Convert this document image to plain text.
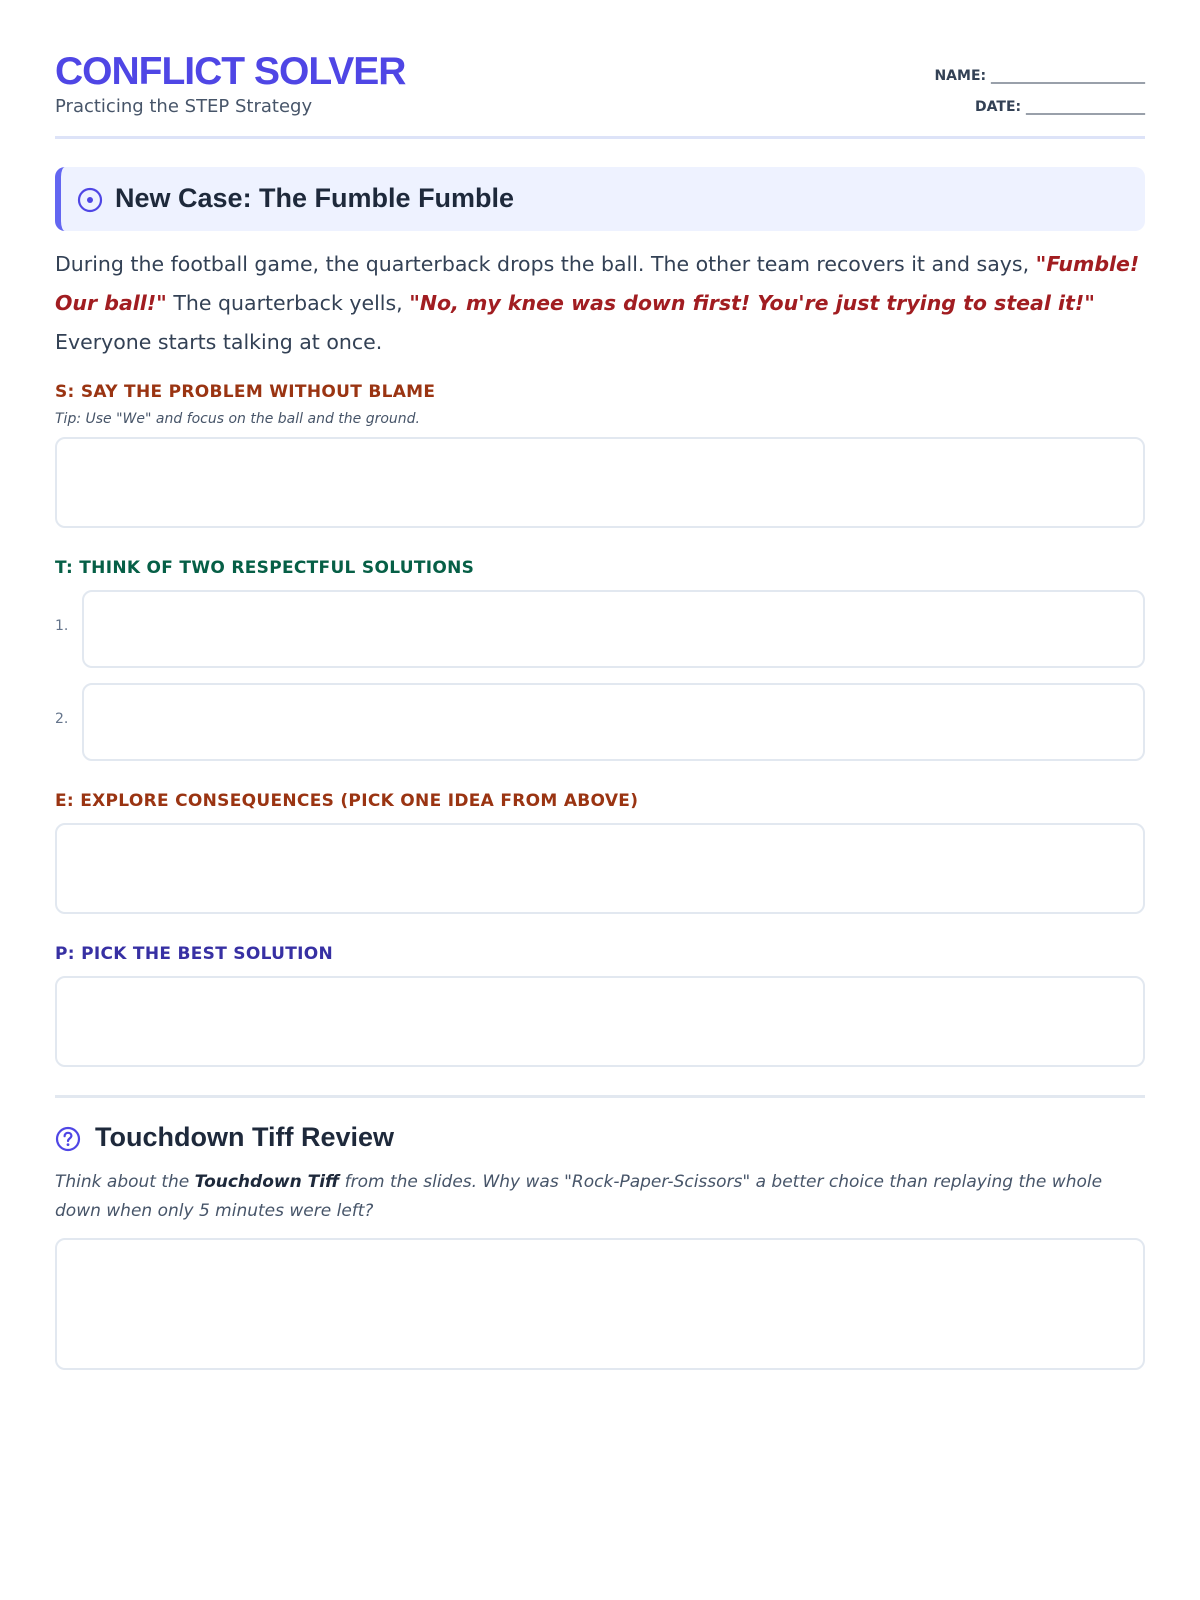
CONFLICT SOLVER
Practicing the STEP Strategy
NAME: ______________________
DATE: _________________
New Case: The Fumble Fumble

During the football game, the quarterback drops the ball. The other team recovers it and says, "Fumble! Our ball!" The quarterback yells, "No, my knee was down first! You're just trying to steal it!" Everyone starts talking at once.

S: SAY THE PROBLEM WITHOUT BLAME
Tip: Use "We" and focus on the ball and the ground.
T: THINK OF TWO RESPECTFUL SOLUTIONS
1.
2.
E: EXPLORE CONSEQUENCES (PICK ONE IDEA FROM ABOVE)
P: PICK THE BEST SOLUTION
Touchdown Tiff Review
Think about the Touchdown Tiff from the slides. Why was "Rock-Paper-Scissors" a better choice than replaying the whole down when only 5 minutes were left?
